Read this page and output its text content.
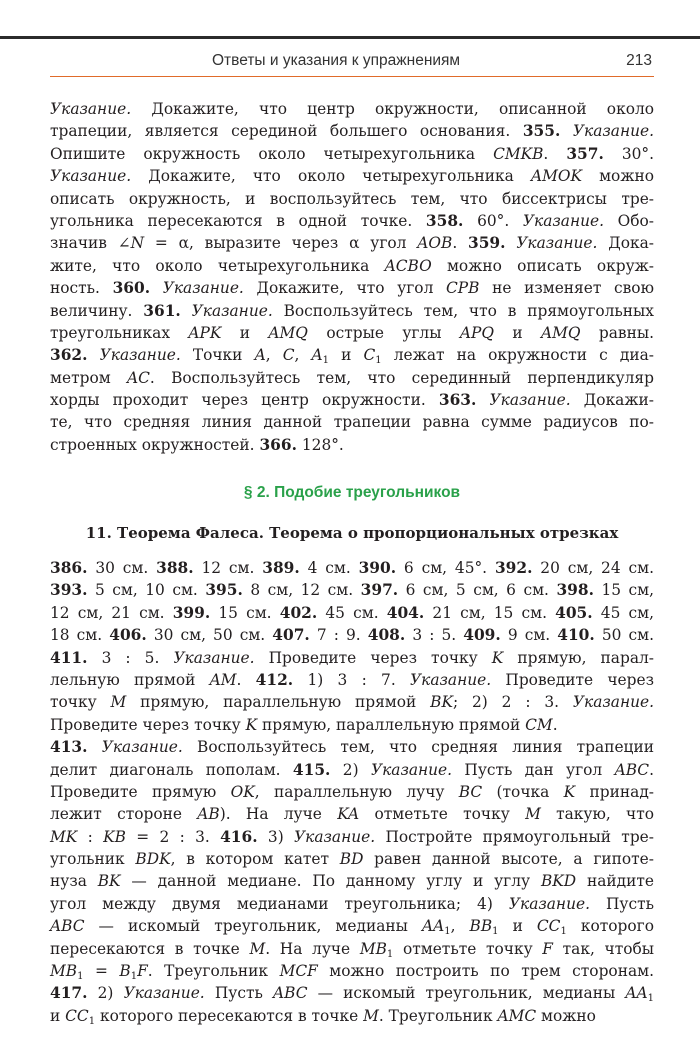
Ответы и указания к упражнениям	213
Указание. Докажите, что центр окружности, описанной около
трапеции, является серединой большего основания. 355. Указание.
Опишите окружность около четырехугольника CMKB. 357. 30°.
Указание. Докажите, что около четырехугольника AMOK можно
описать окружность, и воспользуйтесь тем, что биссектрисы тре-
угольника пересекаются в одной точке. 358. 60°. Указание. Обо-
значив ∠N = α, выразите через α угол AOB. 359. Указание. Дока-
жите, что около четырехугольника ACBO можно описать окруж-
ность. 360. Указание. Докажите, что угол CPB не изменяет свою
величину. 361. Указание. Воспользуйтесь тем, что в прямоугольных
треугольниках APK и AMQ острые углы APQ и AMQ равны.
362. Указание. Точки A, C, $A_1$ и $C_1$ лежат на окружности с диа-
метром AC. Воспользуйтесь тем, что серединный перпендикуляр
хорды проходит через центр окружности. 363. Указание. Докажи-
те, что средняя линия данной трапеции равна сумме радиусов по-
строенных окружностей. 366. 128°.
§ 2. Подобие треугольников
11. Теорема Фалеса. Теорема о пропорциональных отрезках
386. 30 см. 388. 12 см. 389. 4 см. 390. 6 см, 45°. 392. 20 см, 24 см.
393. 5 см, 10 см. 395. 8 см, 12 см. 397. 6 см, 5 см, 6 см. 398. 15 см,
12 см, 21 см. 399. 15 см. 402. 45 см. 404. 21 см, 15 см. 405. 45 см,
18 см. 406. 30 см, 50 см. 407. 7 : 9. 408. 3 : 5. 409. 9 см. 410. 50 см.
411. 3 : 5. Указание. Проведите через точку K прямую, парал-
лельную прямой AM. 412. 1) 3 : 7. Указание. Проведите через
точку M прямую, параллельную прямой BK; 2) 2 : 3. Указание.
Проведите через точку K прямую, параллельную прямой CM.
413. Указание. Воспользуйтесь тем, что средняя линия трапеции
делит диагональ пополам. 415. 2) Указание. Пусть дан угол ABC.
Проведите прямую OK, параллельную лучу BC (точка K принад-
лежит стороне AB). На луче KA отметьте точку M такую, что
MK : KB = 2 : 3. 416. 3) Указание. Постройте прямоугольный тре-
угольник BDK, в котором катет BD равен данной высоте, а гипоте-
нуза BK — данной медиане. По данному углу и углу BKD найдите
угол между двумя медианами треугольника; 4) Указание. Пусть
ABC — искомый треугольник, медианы $AA_1$, $BB_1$ и $CC_1$ которого
пересекаются в точке M. На луче $MB_1$ отметьте точку F так, чтобы
$MB_1 = B_1F$. Треугольник MCF можно построить по трем сторонам.
417. 2) Указание. Пусть ABC — искомый треугольник, медианы $AA_1$
и $CC_1$ которого пересекаются в точке M. Треугольник AMC можно
